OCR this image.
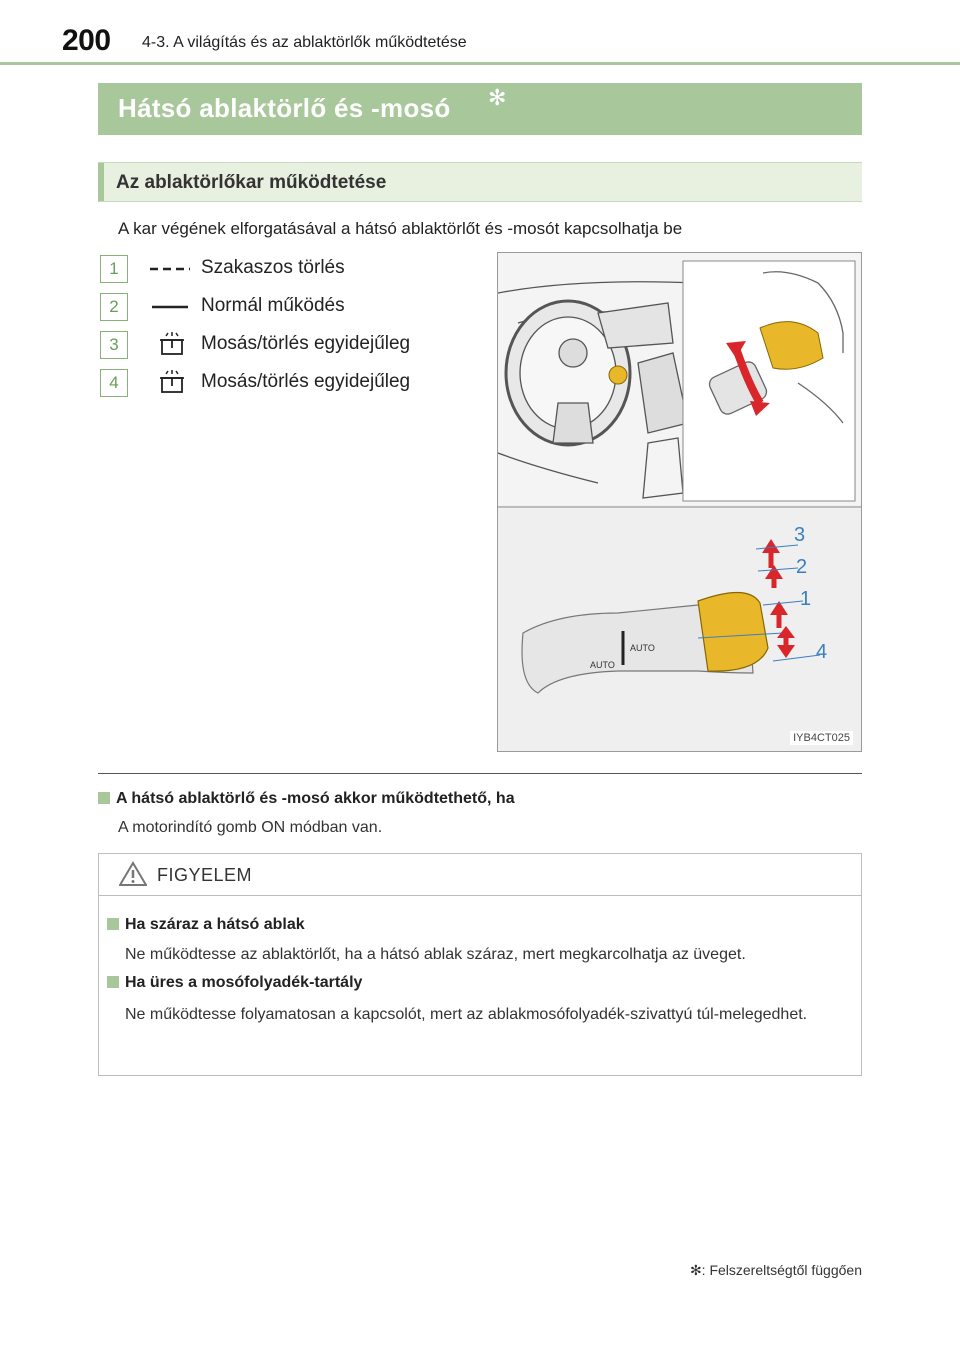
200 4-3. A világítás és az ablaktörlők működtetése
Hátsó ablaktörlő és -mosó ✻
Az ablaktörlőkar működtetése
A kar végének elforgatásával a hátsó ablaktörlőt és -mosót kapcsolhatja be
1	Szakaszos törlés
2	Normál működés
3	Mosás/törlés egyidejűleg
4	Mosás/törlés egyidejűleg
AUTO
AUTO
3
2
1
4
IYB4CT025
A hátsó ablaktörlő és -mosó akkor működtethető, ha
A motorindító gomb ON módban van.
FIGYELEM
Ha száraz a hátsó ablak
Ne működtesse az ablaktörlőt, ha a hátsó ablak száraz, mert megkarcolhatja az üveget.
Ha üres a mosófolyadék-tartály
Ne működtesse folyamatosan a kapcsolót, mert az ablakmosófolyadék-szivattyú túl-melegedhet.
✻: Felszereltségtől függően
